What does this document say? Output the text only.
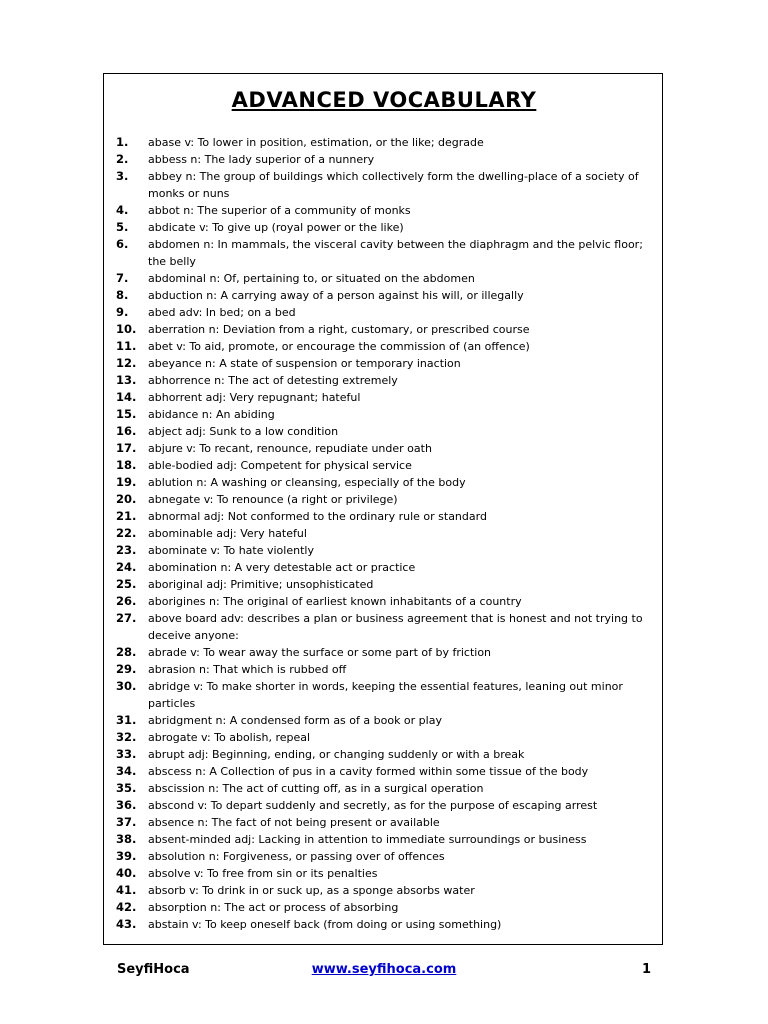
ADVANCED VOCABULARY
1.	abase v: To lower in position, estimation, or the like; degrade
2.	abbess n: The lady superior of a nunnery
3.	abbey n: The group of buildings which collectively form the dwelling-place of a society of monks or nuns
4.	abbot n: The superior of a community of monks
5.	abdicate v: To give up (royal power or the like)
6.	abdomen n: In mammals, the visceral cavity between the diaphragm and the pelvic floor; the belly
7.	abdominal n: Of, pertaining to, or situated on the abdomen
8.	abduction n: A carrying away of a person against his will, or illegally
9.	abed adv: In bed; on a bed
10.	aberration n: Deviation from a right, customary, or prescribed course
11.	abet v: To aid, promote, or encourage the commission of (an offence)
12.	abeyance n: A state of suspension or temporary inaction
13.	abhorrence n: The act of detesting extremely
14.	abhorrent adj: Very repugnant; hateful
15.	abidance n: An abiding
16.	abject adj: Sunk to a low condition
17.	abjure v: To recant, renounce, repudiate under oath
18.	able-bodied adj: Competent for physical service
19.	ablution n: A washing or cleansing, especially of the body
20.	abnegate v: To renounce (a right or privilege)
21.	abnormal adj: Not conformed to the ordinary rule or standard
22.	abominable adj: Very hateful
23.	abominate v: To hate violently
24.	abomination n: A very detestable act or practice
25.	aboriginal adj: Primitive; unsophisticated
26.	aborigines n: The original of earliest known inhabitants of a country
27.	above board adv: describes a plan or business agreement that is honest and not trying to deceive anyone:
28.	abrade v: To wear away the surface or some part of by friction
29.	abrasion n: That which is rubbed off
30.	abridge v: To make shorter in words, keeping the essential features, leaning out minor particles
31.	abridgment n: A condensed form as of a book or play
32.	abrogate v: To abolish, repeal
33.	abrupt adj: Beginning, ending, or changing suddenly or with a break
34.	abscess n: A Collection of pus in a cavity formed within some tissue of the body
35.	abscission n: The act of cutting off, as in a surgical operation
36.	abscond v: To depart suddenly and secretly, as for the purpose of escaping arrest
37.	absence n: The fact of not being present or available
38.	absent-minded adj: Lacking in attention to immediate surroundings or business
39.	absolution n: Forgiveness, or passing over of offences
40.	absolve v: To free from sin or its penalties
41.	absorb v: To drink in or suck up, as a sponge absorbs water
42.	absorption n: The act or process of absorbing
43.	abstain v: To keep oneself back (from doing or using something)
SeyfiHoca	www.seyfihoca.com	1
